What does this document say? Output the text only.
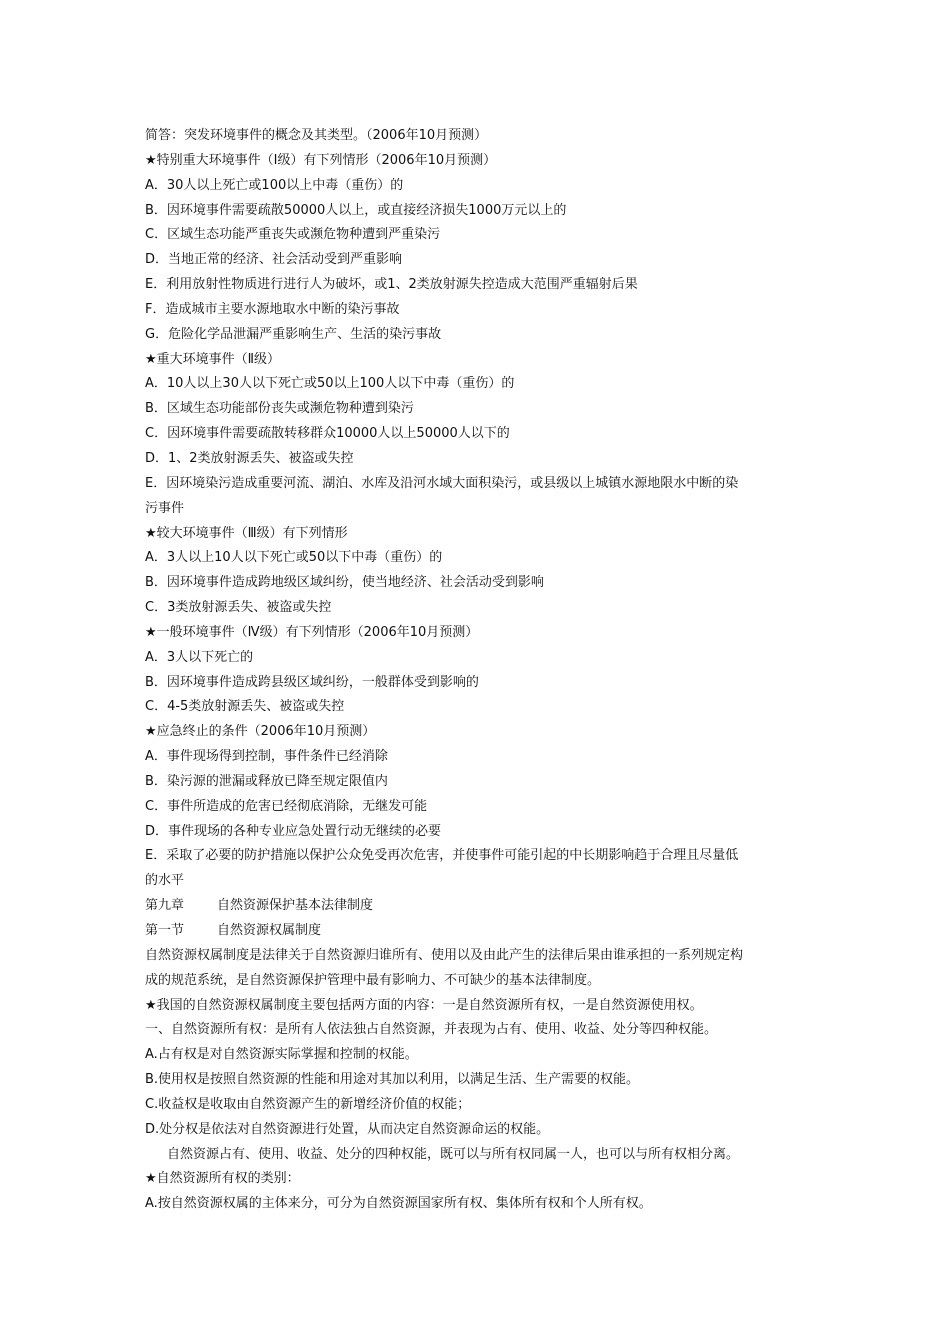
简答：突发环境事件的概念及其类型。（2006年10月预测）
★特别重大环境事件（Ⅰ级）有下列情形（2006年10月预测）
A．30人以上死亡或100以上中毒（重伤）的
B．因环境事件需要疏散50000人以上，或直接经济损失1000万元以上的
C．区域生态功能严重丧失或濒危物种遭到严重染污
D．当地正常的经济、社会活动受到严重影响
E．利用放射性物质进行进行人为破坏，或1、2类放射源失控造成大范围严重辐射后果
F．造成城市主要水源地取水中断的染污事故
G．危险化学品泄漏严重影响生产、生活的染污事故
★重大环境事件（Ⅱ级）
A．10人以上30人以下死亡或50以上100人以下中毒（重伤）的
B．区域生态功能部份丧失或濒危物种遭到染污
C．因环境事件需要疏散转移群众10000人以上50000人以下的
D．1、2类放射源丢失、被盗或失控
E．因环境染污造成重要河流、湖泊、水库及沿河水域大面积染污，或县级以上城镇水源地限水中断的染
污事件
★较大环境事件（Ⅲ级）有下列情形
A．3人以上10人以下死亡或50以下中毒（重伤）的
B．因环境事件造成跨地级区域纠纷，使当地经济、社会活动受到影响
C．3类放射源丢失、被盗或失控
★一般环境事件（Ⅳ级）有下列情形（2006年10月预测）
A．3人以下死亡的
B．因环境事件造成跨县级区域纠纷，一般群体受到影响的
C．4-5类放射源丢失、被盗或失控
★应急终止的条件（2006年10月预测）
A．事件现场得到控制，事件条件已经消除
B．染污源的泄漏或释放已降至规定限值内
C．事件所造成的危害已经彻底消除，无继发可能
D．事件现场的各种专业应急处置行动无继续的必要
E．采取了必要的防护措施以保护公众免受再次危害，并使事件可能引起的中长期影响趋于合理且尽量低
的水平
第九章	自然资源保护基本法律制度
第一节	自然资源权属制度
自然资源权属制度是法律关于自然资源归谁所有、使用以及由此产生的法律后果由谁承担的一系列规定构
成的规范系统，是自然资源保护管理中最有影响力、不可缺少的基本法律制度。
★我国的自然资源权属制度主要包括两方面的内容：一是自然资源所有权，一是自然资源使用权。
一、自然资源所有权：是所有人依法独占自然资源，并表现为占有、使用、收益、处分等四种权能。
A.占有权是对自然资源实际掌握和控制的权能。
B.使用权是按照自然资源的性能和用途对其加以利用，以满足生活、生产需要的权能。
C.收益权是收取由自然资源产生的新增经济价值的权能；
D.处分权是依法对自然资源进行处置，从而决定自然资源命运的权能。
自然资源占有、使用、收益、处分的四种权能，既可以与所有权同属一人，也可以与所有权相分离。
★自然资源所有权的类别：
A.按自然资源权属的主体来分，可分为自然资源国家所有权、集体所有权和个人所有权。
